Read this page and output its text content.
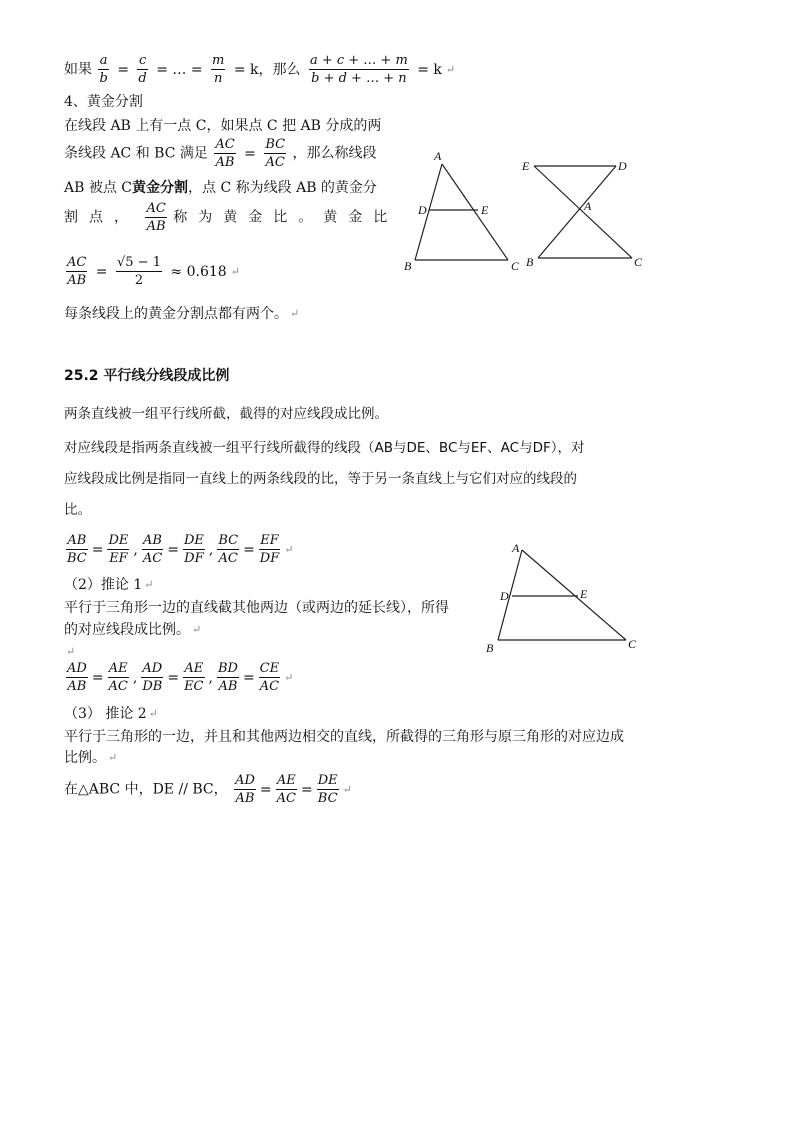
如果 $\frac{a}{b} = \frac{c}{d}$ = … = $\frac{m}{n} = k$，那么 $\frac{a + c + \dots + m}{b + d + \dots + n} = k$ ↵
4、黄金分割
在线段 AB 上有一点 C，如果点 C 把 AB 分成的两
条线段 AC 和 BC 满足 $\frac{AC}{AB} = \frac{BC}{AC}$ ，那么称线段
AB 被点 C黄金分割，点 C 称为线段 AB 的黄金分
割点， $\frac{AC}{AB}$ 称为黄金比。黄金比
$\frac{AC}{AB} = \frac{√5 - 1}{2} \approx 0.618$ ↵
每条线段上的黄金分割点都有两个。 ↵
A
D	E
B	C
E	D
A
B	C
25.2 平行线分线段成比例
两条直线被一组平行线所截，截得的对应线段成比例。
对应线段是指两条直线被一组平行线所截得的线段（AB与DE、BC与EF、AC与DF），对
应线段成比例是指同一直线上的两条线段的比，等于另一条直线上与它们对应的线段的
比。
$\frac{AB}{BC} = \frac{DE}{EF}$ , $\frac{AB}{AC} = \frac{DE}{DF}$ , $\frac{BC}{AC} = \frac{EF}{DF}$ ↵
（2）推论 1 ↵
平行于三角形一边的直线截其他两边（或两边的延长线），所得
的对应线段成比例。 ↵
↵
$\frac{AD}{AB} = \frac{AE}{AC}$ , $\frac{AD}{DB} = \frac{AE}{EC}$ , $\frac{BD}{AB} = \frac{CE}{AC}$ ↵
（3） 推论 2 ↵
平行于三角形的一边，并且和其他两边相交的直线，所截得的三角形与原三角形的对应边成
比例。 ↵
在△ABC 中，DE // BC， $\frac{AD}{AB} = \frac{AE}{AC} = \frac{DE}{BC}$ ↵
A
D	E
B	C
